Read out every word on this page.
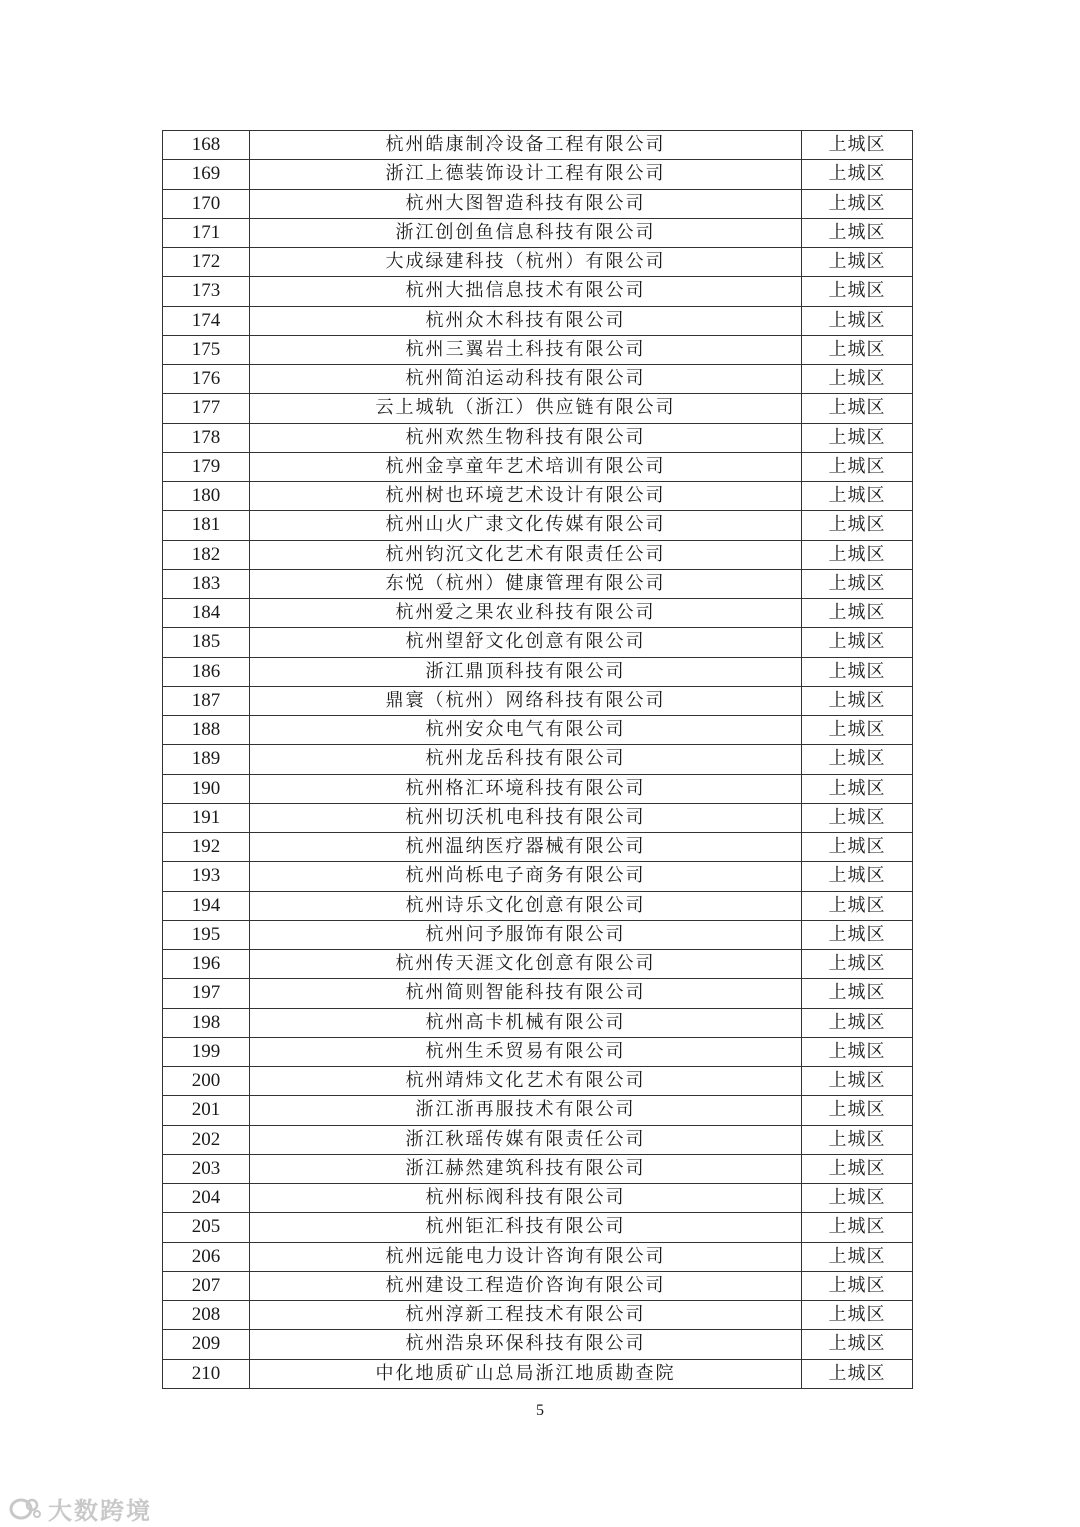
168	杭州皓康制冷设备工程有限公司	上城区
169	浙江上德装饰设计工程有限公司	上城区
170	杭州大图智造科技有限公司	上城区
171	浙江创创鱼信息科技有限公司	上城区
172	大成绿建科技（杭州）有限公司	上城区
173	杭州大拙信息技术有限公司	上城区
174	杭州众木科技有限公司	上城区
175	杭州三翼岩土科技有限公司	上城区
176	杭州简泊运动科技有限公司	上城区
177	云上城轨（浙江）供应链有限公司	上城区
178	杭州欢然生物科技有限公司	上城区
179	杭州金享童年艺术培训有限公司	上城区
180	杭州树也环境艺术设计有限公司	上城区
181	杭州山火广隶文化传媒有限公司	上城区
182	杭州钧沉文化艺术有限责任公司	上城区
183	东悦（杭州）健康管理有限公司	上城区
184	杭州爱之果农业科技有限公司	上城区
185	杭州望舒文化创意有限公司	上城区
186	浙江鼎顶科技有限公司	上城区
187	鼎寰（杭州）网络科技有限公司	上城区
188	杭州安众电气有限公司	上城区
189	杭州龙岳科技有限公司	上城区
190	杭州格汇环境科技有限公司	上城区
191	杭州切沃机电科技有限公司	上城区
192	杭州温纳医疗器械有限公司	上城区
193	杭州尚栎电子商务有限公司	上城区
194	杭州诗乐文化创意有限公司	上城区
195	杭州问予服饰有限公司	上城区
196	杭州传天涯文化创意有限公司	上城区
197	杭州简则智能科技有限公司	上城区
198	杭州高卡机械有限公司	上城区
199	杭州生禾贸易有限公司	上城区
200	杭州靖炜文化艺术有限公司	上城区
201	浙江浙再服技术有限公司	上城区
202	浙江秋瑶传媒有限责任公司	上城区
203	浙江赫然建筑科技有限公司	上城区
204	杭州标阀科技有限公司	上城区
205	杭州钜汇科技有限公司	上城区
206	杭州远能电力设计咨询有限公司	上城区
207	杭州建设工程造价咨询有限公司	上城区
208	杭州淳新工程技术有限公司	上城区
209	杭州浩泉环保科技有限公司	上城区
210	中化地质矿山总局浙江地质勘查院	上城区
5
大数跨境
